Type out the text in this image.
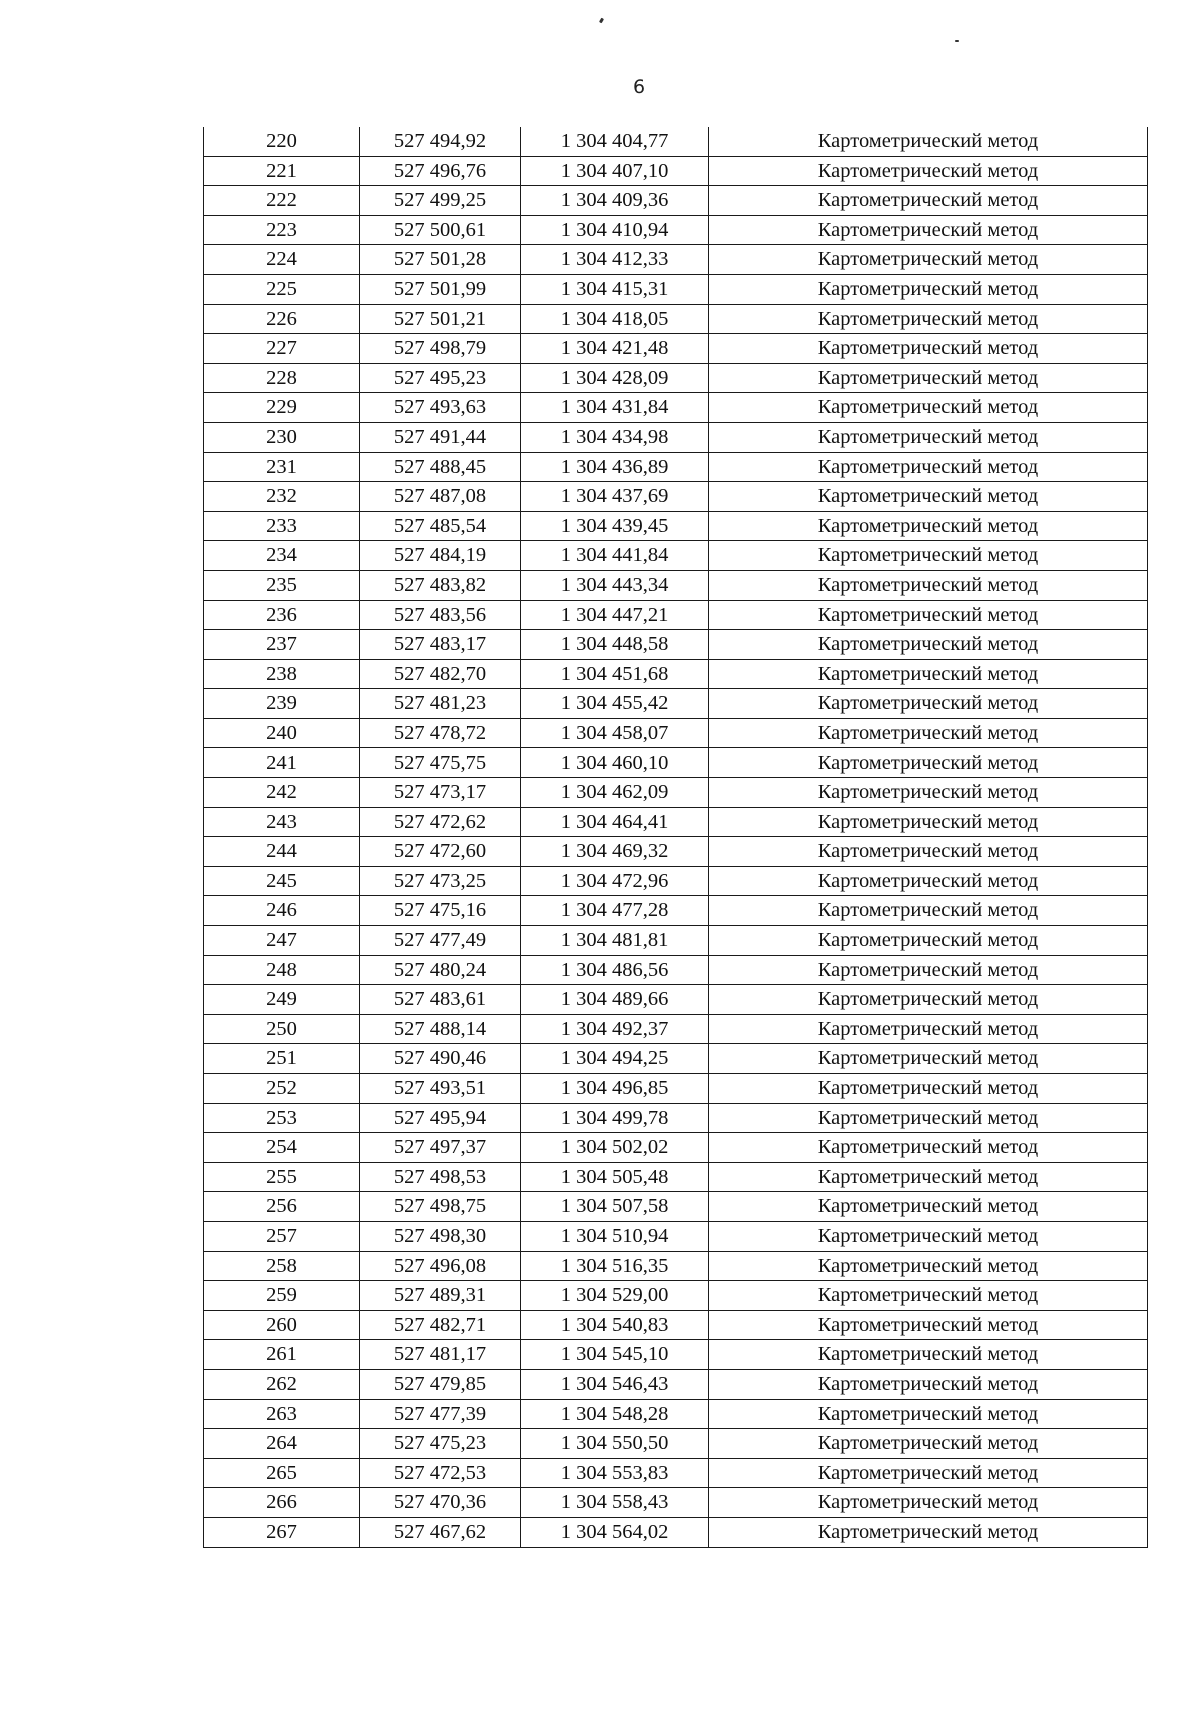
6
220	527 494,92	1 304 404,77	Картометрический метод
221	527 496,76	1 304 407,10	Картометрический метод
222	527 499,25	1 304 409,36	Картометрический метод
223	527 500,61	1 304 410,94	Картометрический метод
224	527 501,28	1 304 412,33	Картометрический метод
225	527 501,99	1 304 415,31	Картометрический метод
226	527 501,21	1 304 418,05	Картометрический метод
227	527 498,79	1 304 421,48	Картометрический метод
228	527 495,23	1 304 428,09	Картометрический метод
229	527 493,63	1 304 431,84	Картометрический метод
230	527 491,44	1 304 434,98	Картометрический метод
231	527 488,45	1 304 436,89	Картометрический метод
232	527 487,08	1 304 437,69	Картометрический метод
233	527 485,54	1 304 439,45	Картометрический метод
234	527 484,19	1 304 441,84	Картометрический метод
235	527 483,82	1 304 443,34	Картометрический метод
236	527 483,56	1 304 447,21	Картометрический метод
237	527 483,17	1 304 448,58	Картометрический метод
238	527 482,70	1 304 451,68	Картометрический метод
239	527 481,23	1 304 455,42	Картометрический метод
240	527 478,72	1 304 458,07	Картометрический метод
241	527 475,75	1 304 460,10	Картометрический метод
242	527 473,17	1 304 462,09	Картометрический метод
243	527 472,62	1 304 464,41	Картометрический метод
244	527 472,60	1 304 469,32	Картометрический метод
245	527 473,25	1 304 472,96	Картометрический метод
246	527 475,16	1 304 477,28	Картометрический метод
247	527 477,49	1 304 481,81	Картометрический метод
248	527 480,24	1 304 486,56	Картометрический метод
249	527 483,61	1 304 489,66	Картометрический метод
250	527 488,14	1 304 492,37	Картометрический метод
251	527 490,46	1 304 494,25	Картометрический метод
252	527 493,51	1 304 496,85	Картометрический метод
253	527 495,94	1 304 499,78	Картометрический метод
254	527 497,37	1 304 502,02	Картометрический метод
255	527 498,53	1 304 505,48	Картометрический метод
256	527 498,75	1 304 507,58	Картометрический метод
257	527 498,30	1 304 510,94	Картометрический метод
258	527 496,08	1 304 516,35	Картометрический метод
259	527 489,31	1 304 529,00	Картометрический метод
260	527 482,71	1 304 540,83	Картометрический метод
261	527 481,17	1 304 545,10	Картометрический метод
262	527 479,85	1 304 546,43	Картометрический метод
263	527 477,39	1 304 548,28	Картометрический метод
264	527 475,23	1 304 550,50	Картометрический метод
265	527 472,53	1 304 553,83	Картометрический метод
266	527 470,36	1 304 558,43	Картометрический метод
267	527 467,62	1 304 564,02	Картометрический метод
